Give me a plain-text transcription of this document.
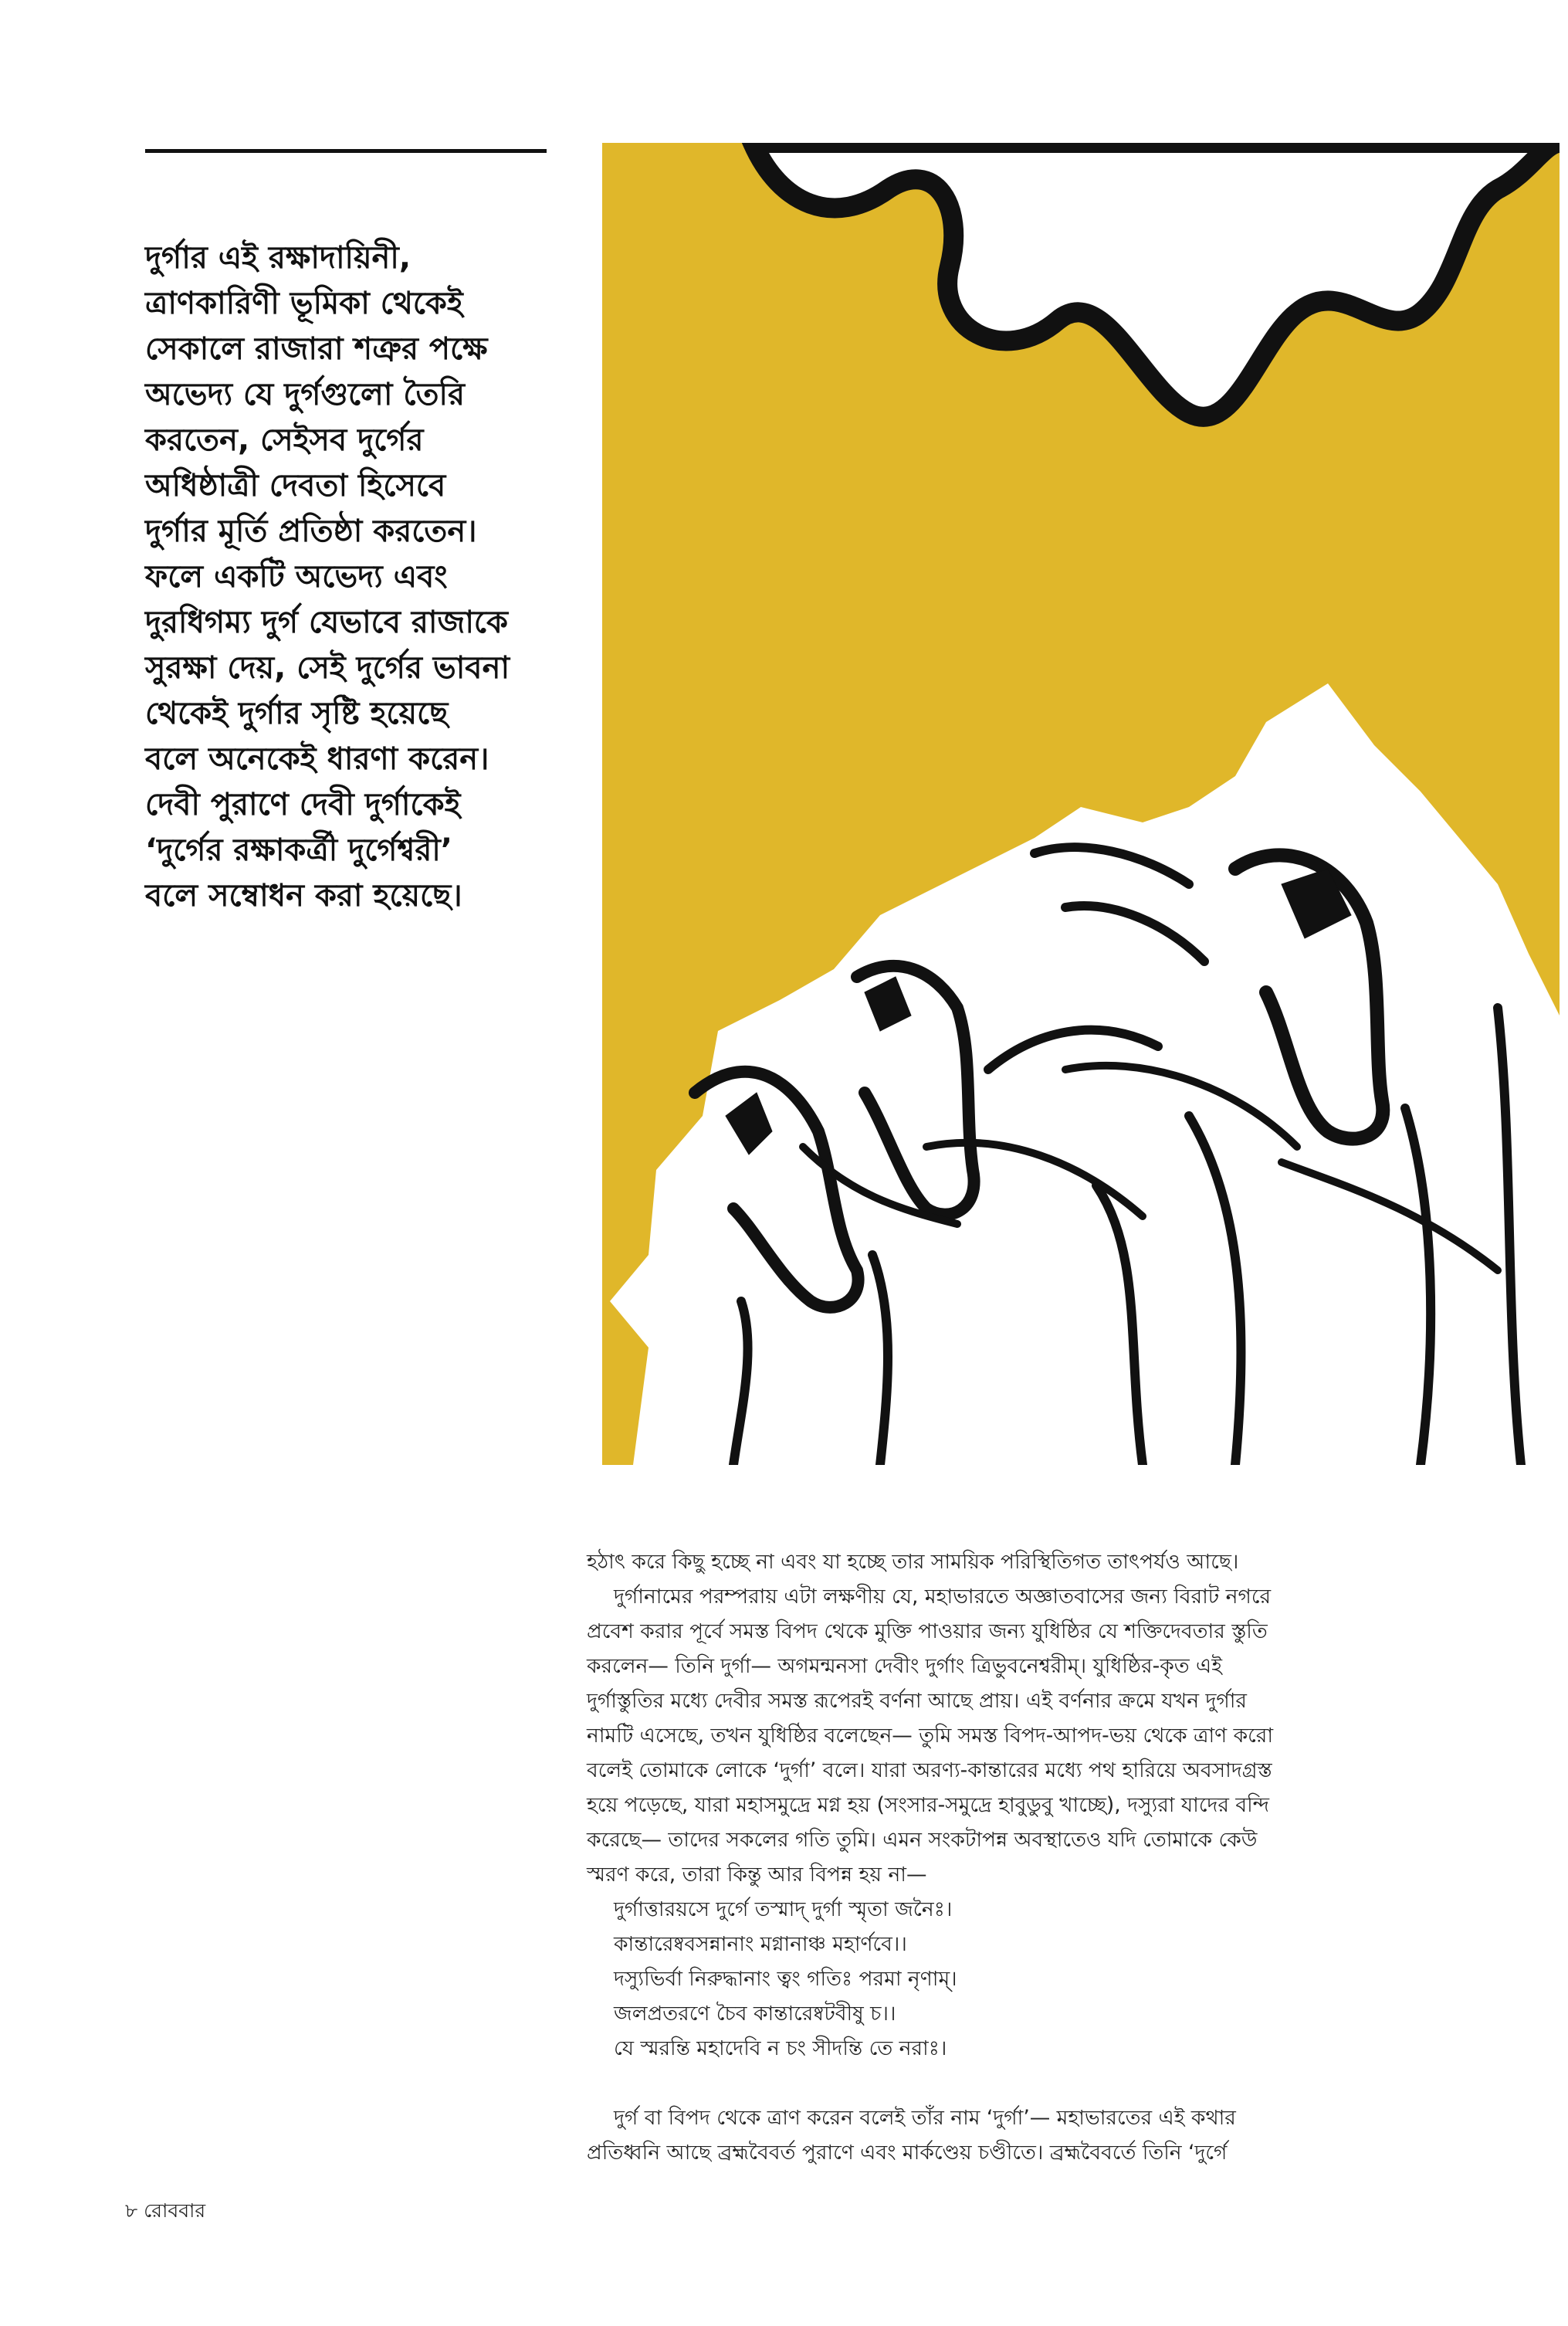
দুর্গার এই রক্ষাদায়িনী,
ত্রাণকারিণী ভূমিকা থেকেই
সেকালে রাজারা শত্রুর পক্ষে
অভেদ্য যে দুর্গগুলো তৈরি
করতেন, সেইসব দুর্গের
অধিষ্ঠাত্রী দেবতা হিসেবে
দুর্গার মূর্তি প্রতিষ্ঠা করতেন।
ফলে একটি অভেদ্য এবং
দুরধিগম্য দুর্গ যেভাবে রাজাকে
সুরক্ষা দেয়, সেই দুর্গের ভাবনা
থেকেই দুর্গার সৃষ্টি হয়েছে
বলে অনেকেই ধারণা করেন।
দেবী পুরাণে দেবী দুর্গাকেই
‘দুর্গের রক্ষাকর্ত্রী দুর্গেশ্বরী’
বলে সম্বোধন করা হয়েছে।
হঠাৎ করে কিছু হচ্ছে না এবং যা হচ্ছে তার সাময়িক পরিস্থিতিগত তাৎপর্যও আছে।
দুর্গানামের পরম্পরায় এটা লক্ষণীয় যে, মহাভারতে অজ্ঞাতবাসের জন্য বিরাট নগরে
প্রবেশ করার পূর্বে সমস্ত বিপদ থেকে মুক্তি পাওয়ার জন্য যুধিষ্ঠির যে শক্তিদেবতার স্তুতি
করলেন— তিনি দুর্গা— অগমন্মনসা দেবীং দুর্গাং ত্রিভুবনেশ্বরীম্। যুধিষ্ঠির-কৃত এই
দুর্গাস্তুতির মধ্যে দেবীর সমস্ত রূপেরই বর্ণনা আছে প্রায়। এই বর্ণনার ক্রমে যখন দুর্গার
নামটি এসেছে, তখন যুধিষ্ঠির বলেছেন— তুমি সমস্ত বিপদ-আপদ-ভয় থেকে ত্রাণ করো
বলেই তোমাকে লোকে ‘দুর্গা’ বলে। যারা অরণ্য-কান্তারের মধ্যে পথ হারিয়ে অবসাদগ্রস্ত
হয়ে পড়েছে, যারা মহাসমুদ্রে মগ্ন হয় (সংসার-সমুদ্রে হাবুডুবু খাচ্ছে), দস্যুরা যাদের বন্দি
করেছে— তাদের সকলের গতি তুমি। এমন সংকটাপন্ন অবস্থাতেও যদি তোমাকে কেউ
স্মরণ করে, তারা কিন্তু আর বিপন্ন হয় না—
দুর্গাত্তারয়সে দুর্গে তস্মাদ্ দুর্গা স্মৃতা জনৈঃ।
কান্তারেষ্ববসন্নানাং মগ্নানাঞ্চ মহার্ণবে।।
দস্যুভির্বা নিরুদ্ধানাং ত্বং গতিঃ পরমা নৃণাম্।
জলপ্রতরণে চৈব কান্তারেষ্বটবীষু চ।।
যে স্মরন্তি মহাদেবি ন চং সীদন্তি তে নরাঃ।
দুর্গ বা বিপদ থেকে ত্রাণ করেন বলেই তাঁর নাম ‘দুর্গা’— মহাভারতের এই কথার
প্রতিধ্বনি আছে ব্রহ্মবৈবর্ত পুরাণে এবং মার্কণ্ডেয় চণ্ডীতে। ব্রহ্মবৈবর্তে তিনি ‘দুর্গে
৮ রোববার
